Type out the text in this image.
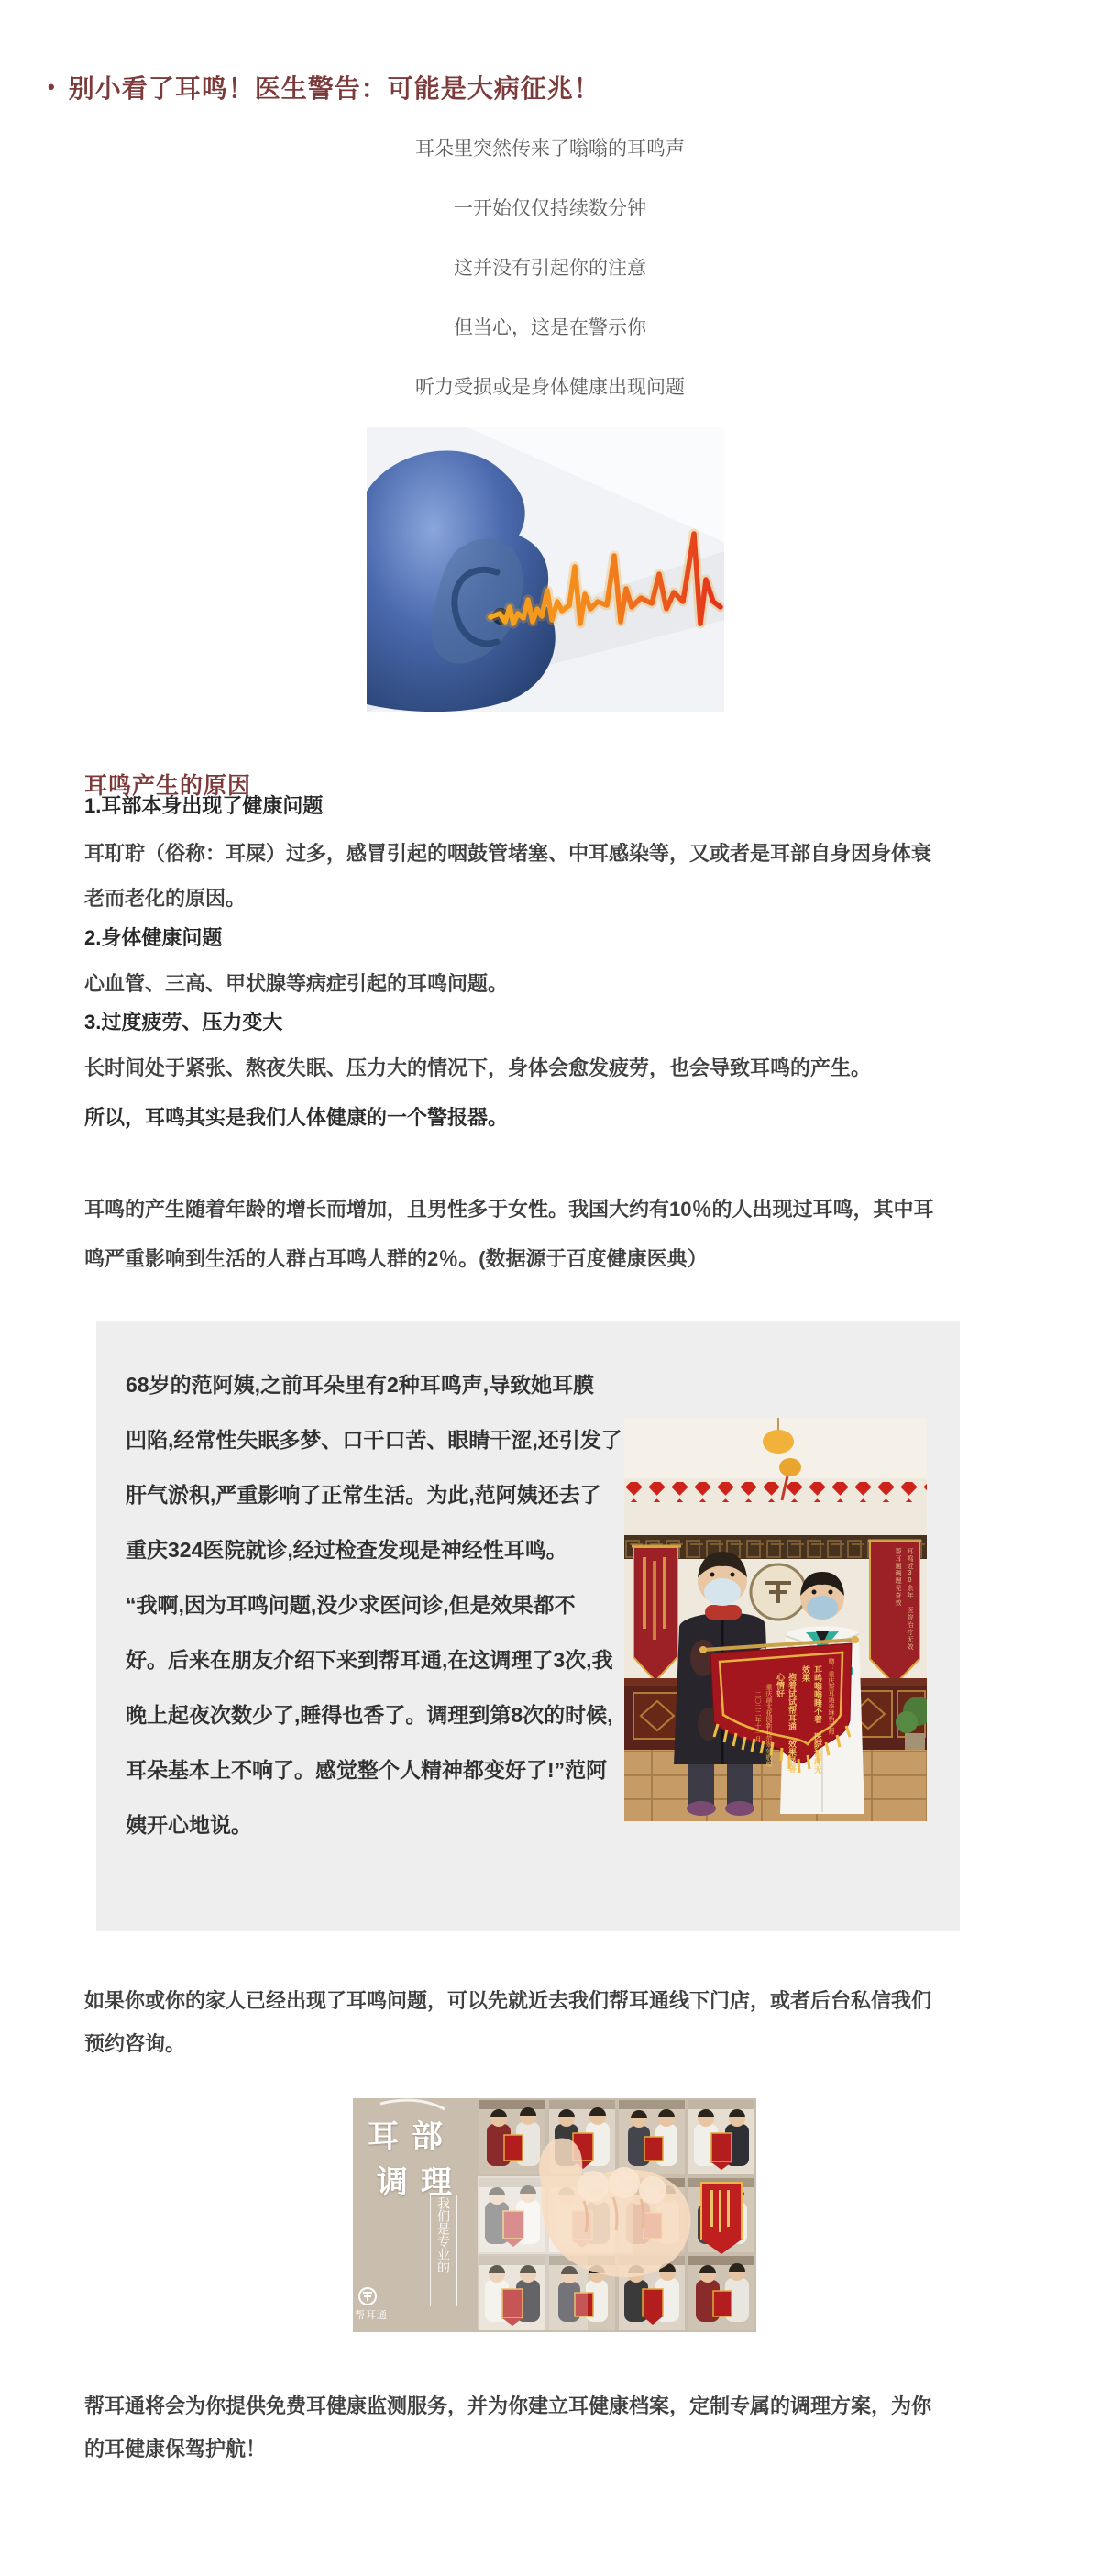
• 别小看了耳鸣！医生警告：可能是大病征兆！

耳朵里突然传来了嗡嗡的耳鸣声

一开始仅仅持续数分钟

这并没有引起你的注意

但当心，这是在警示你

听力受损或是身体健康出现问题

耳鸣产生的原因

1.耳部本身出现了健康问题

耳耵聍（俗称：耳屎）过多，感冒引起的咽鼓管堵塞、中耳感染等，又或者是耳部自身因身体衰老而老化的原因。

2.身体健康问题

心血管、三高、甲状腺等病症引起的耳鸣问题。

3.过度疲劳、压力变大

长时间处于紧张、熬夜失眠、压力大的情况下，身体会愈发疲劳，也会导致耳鸣的产生。

所以，耳鸣其实是我们人体健康的一个警报器。

耳鸣的产生随着年龄的增长而增加，且男性多于女性。我国大约有10％的人出现过耳鸣，其中耳鸣严重影响到生活的人群占耳鸣人群的2％。(数据源于百度健康医典）

68岁的范阿姨,之前耳朵里有2种耳鸣声,导致她耳膜
凹陷,经常性失眠多梦、口干口苦、眼睛干涩,还引发了
肝气淤积,严重影响了正常生活。为此,范阿姨还去了
重庆324医院就诊,经过检查发现是神经性耳鸣。
“我啊,因为耳鸣问题,没少求医问诊,但是效果都不
好。后来在朋友介绍下来到帮耳通,在这调理了3次,我
晚上起夜次数少了,睡得也香了。调理到第8次的时候,
耳朵基本上不响了。感觉整个人精神都变好了!”范阿
姨开心地说。
赠：重庆帮耳通李琳怡老师
耳鸣嗡嗡睡不着 医院治疗无效果
抱着试试帮耳通 效果显著心情好
重庆渝北花园新村范翠荣敬赠
二〇二二年十一月
耳鸣近30余年 医院治疗无效 帮耳通调理见奇效

如果你或你的家人已经出现了耳鸣问题，可以先就近去我们帮耳通线下门店，或者后台私信我们预约咨询。

耳部
调理
我们是专业的
帮耳通

帮耳通将会为你提供免费耳健康监测服务，并为你建立耳健康档案，定制专属的调理方案，为你的耳健康保驾护航！
